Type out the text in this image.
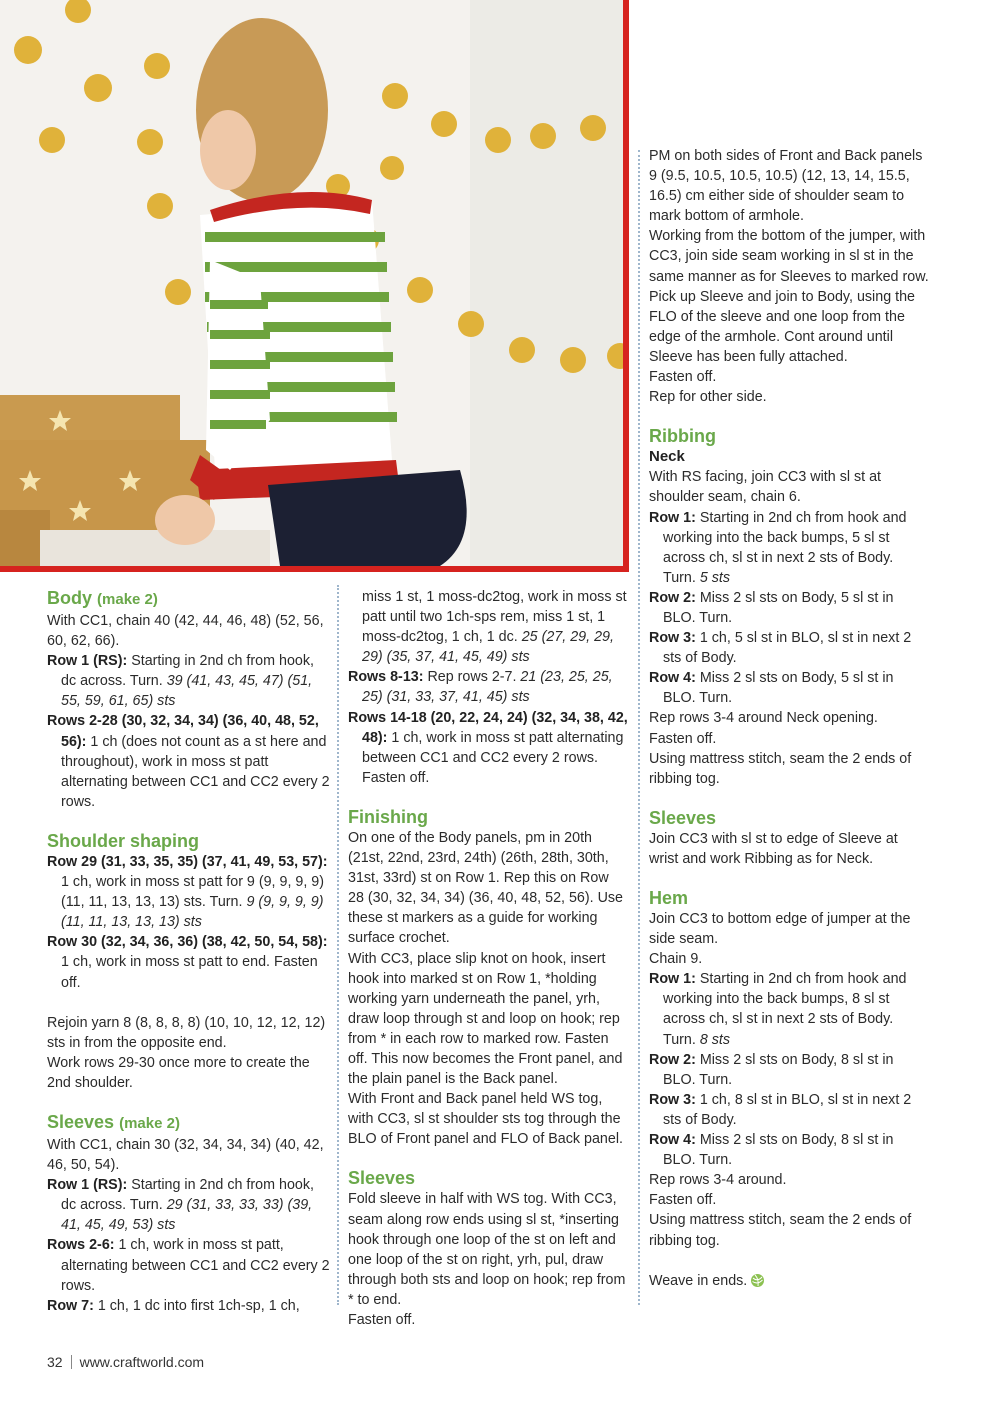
Body (make 2)

With CC1, chain 40 (42, 44, 46, 48) (52, 56, 60, 62, 66).

Row 1 (RS): Starting in 2nd ch from hook, dc across. Turn. 39 (41, 43, 45, 47) (51, 55, 59, 61, 65) sts

Rows 2-28 (30, 32, 34, 34) (36, 40, 48, 52, 56): 1 ch (does not count as a st here and throughout), work in moss st patt alternating between CC1 and CC2 every 2 rows.

Shoulder shaping

Row 29 (31, 33, 35, 35) (37, 41, 49, 53, 57): 1 ch, work in moss st patt for 9 (9, 9, 9, 9) (11, 11, 13, 13, 13) sts. Turn. 9 (9, 9, 9, 9) (11, 11, 13, 13, 13) sts

Row 30 (32, 34, 36, 36) (38, 42, 50, 54, 58): 1 ch, work in moss st patt to end. Fasten off.

Rejoin yarn 8 (8, 8, 8, 8) (10, 10, 12, 12, 12) sts in from the opposite end.

Work rows 29-30 once more to create the 2nd shoulder.

Sleeves (make 2)

With CC1, chain 30 (32, 34, 34, 34) (40, 42, 46, 50, 54).

Row 1 (RS): Starting in 2nd ch from hook, dc across. Turn. 29 (31, 33, 33, 33) (39, 41, 45, 49, 53) sts

Rows 2-6: 1 ch, work in moss st patt, alternating between CC1 and CC2 every 2 rows.

Row 7: 1 ch, 1 dc into first 1ch-sp, 1 ch,

miss 1 st, 1 moss-dc2tog, work in moss st patt until two 1ch-sps rem, miss 1 st, 1 moss-dc2tog, 1 ch, 1 dc. 25 (27, 29, 29, 29) (35, 37, 41, 45, 49) sts

Rows 8-13: Rep rows 2-7. 21 (23, 25, 25, 25) (31, 33, 37, 41, 45) sts

Rows 14-18 (20, 22, 24, 24) (32, 34, 38, 42, 48): 1 ch, work in moss st patt alternating between CC1 and CC2 every 2 rows. Fasten off.

Finishing

On one of the Body panels, pm in 20th (21st, 22nd, 23rd, 24th) (26th, 28th, 30th, 31st, 33rd) st on Row 1. Rep this on Row 28 (30, 32, 34, 34) (36, 40, 48, 52, 56). Use these st markers as a guide for working surface crochet.

With CC3, place slip knot on hook, insert hook into marked st on Row 1, *holding working yarn underneath the panel, yrh, draw loop through st and loop on hook; rep from * in each row to marked row. Fasten off. This now becomes the Front panel, and the plain panel is the Back panel.

With Front and Back panel held WS tog, with CC3, sl st shoulder sts tog through the BLO of Front panel and FLO of Back panel.

Sleeves

Fold sleeve in half with WS tog. With CC3, seam along row ends using sl st, *inserting hook through one loop of the st on left and one loop of the st on right, yrh, pul, draw through both sts and loop on hook; rep from * to end.

Fasten off.

PM on both sides of Front and Back panels 9 (9.5, 10.5, 10.5, 10.5) (12, 13, 14, 15.5, 16.5) cm either side of shoulder seam to mark bottom of armhole.

Working from the bottom of the jumper, with CC3, join side seam working in sl st in the same manner as for Sleeves to marked row. Pick up Sleeve and join to Body, using the FLO of the sleeve and one loop from the edge of the armhole. Cont around until Sleeve has been fully attached.

Fasten off.

Rep for other side.

Ribbing

Neck

With RS facing, join CC3 with sl st at shoulder seam, chain 6.

Row 1: Starting in 2nd ch from hook and working into the back bumps, 5 sl st across ch, sl st in next 2 sts of Body. Turn. 5 sts

Row 2: Miss 2 sl sts on Body, 5 sl st in BLO. Turn.

Row 3: 1 ch, 5 sl st in BLO, sl st in next 2 sts of Body.

Row 4: Miss 2 sl sts on Body, 5 sl st in BLO. Turn.

Rep rows 3-4 around Neck opening.

Fasten off.

Using mattress stitch, seam the 2 ends of ribbing tog.

Sleeves

Join CC3 with sl st to edge of Sleeve at wrist and work Ribbing as for Neck.

Hem

Join CC3 to bottom edge of jumper at the side seam.

Chain 9.

Row 1: Starting in 2nd ch from hook and working into the back bumps, 8 sl st across ch, sl st in next 2 sts of Body. Turn. 8 sts

Row 2: Miss 2 sl sts on Body, 8 sl st in BLO. Turn.

Row 3: 1 ch, 8 sl st in BLO, sl st in next 2 sts of Body.

Row 4: Miss 2 sl sts on Body, 8 sl st in BLO. Turn.

Rep rows 3-4 around.

Fasten off.

Using mattress stitch, seam the 2 ends of ribbing tog.

Weave in ends.

32 www.craftworld.com
